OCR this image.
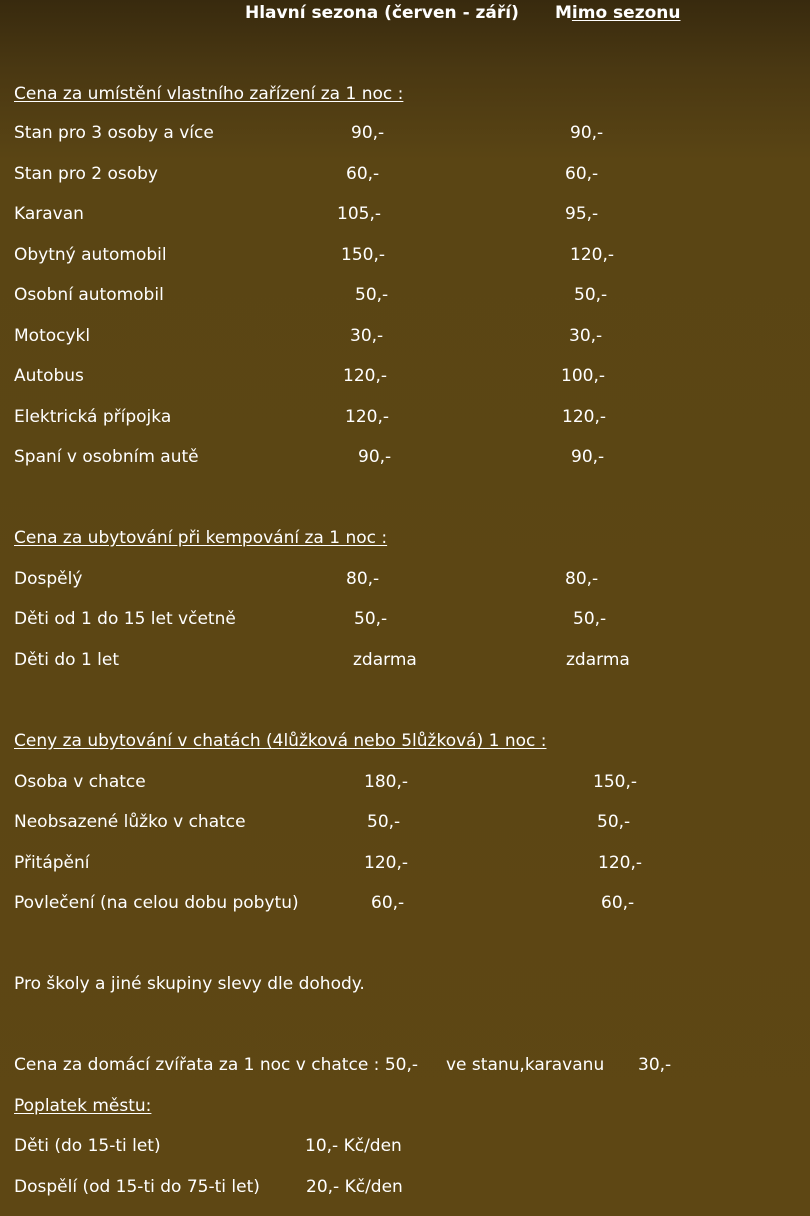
Hlavní sezona (červen - září) Mimo sezonu
Cena za umístění vlastního zařízení za 1 noc :
Stan pro 3 osoby a více	90,-	90,-
Stan pro 2 osoby	60,-	60,-
Karavan	105,-	95,-
Obytný automobil	150,-	120,-
Osobní automobil	50,-	50,-
Motocykl	30,-	30,-
Autobus	120,-	100,-
Elektrická přípojka	120,-	120,-
Spaní v osobním autě	90,-	90,-
Cena za ubytování při kempování za 1 noc :
Dospělý	80,-	80,-
Děti od 1 do 15 let včetně	50,-	50,-
Děti do 1 let	zdarma	zdarma
Ceny za ubytování v chatách (4lůžková nebo 5lůžková) 1 noc :
Osoba v chatce	180,-	150,-
Neobsazené lůžko v chatce	50,-	50,-
Přitápění	120,-	120,-
Povlečení (na celou dobu pobytu)	60,-	60,-
Pro školy a jiné skupiny slevy dle dohody.
Cena za domácí zvířata za 1 noc v chatce : 50,- ve stanu,karavanu 30,-
Poplatek městu:
Děti (do 15-ti let)	10,- Kč/den
Dospělí (od 15-ti do 75-ti let)	20,- Kč/den
